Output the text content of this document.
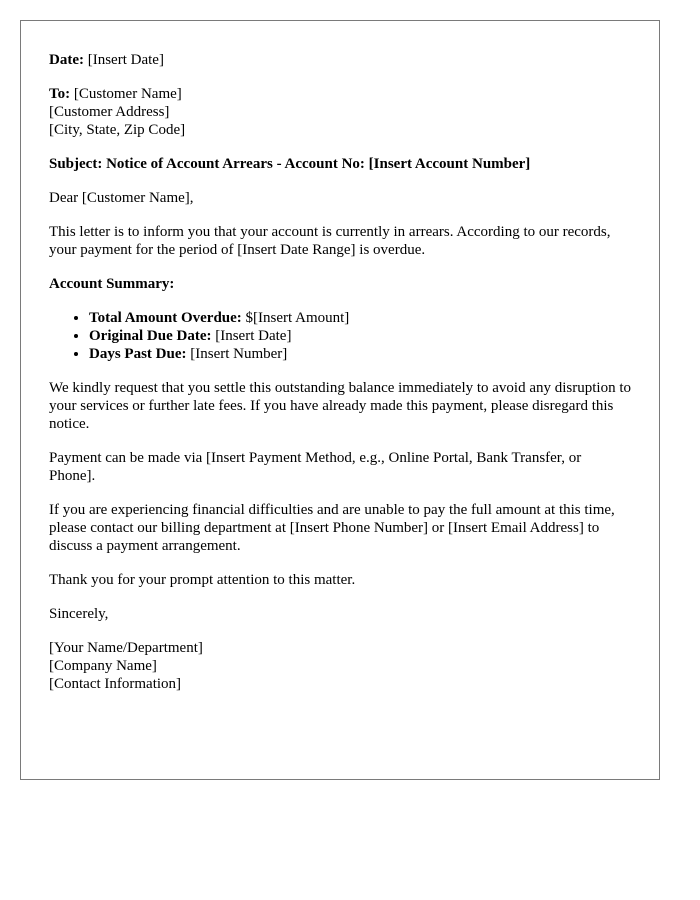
Date: [Insert Date]

To: [Customer Name]
[Customer Address]
[City, State, Zip Code]

Subject: Notice of Account Arrears - Account No: [Insert Account Number]

Dear [Customer Name],

This letter is to inform you that your account is currently in arrears. According to our records, your payment for the period of [Insert Date Range] is overdue.

Account Summary:

• Total Amount Overdue: $[Insert Amount]
• Original Due Date: [Insert Date]
• Days Past Due: [Insert Number]

We kindly request that you settle this outstanding balance immediately to avoid any disruption to your services or further late fees. If you have already made this payment, please disregard this notice.

Payment can be made via [Insert Payment Method, e.g., Online Portal, Bank Transfer, or Phone].

If you are experiencing financial difficulties and are unable to pay the full amount at this time, please contact our billing department at [Insert Phone Number] or [Insert Email Address] to discuss a payment arrangement.

Thank you for your prompt attention to this matter.

Sincerely,

[Your Name/Department]
[Company Name]
[Contact Information]
